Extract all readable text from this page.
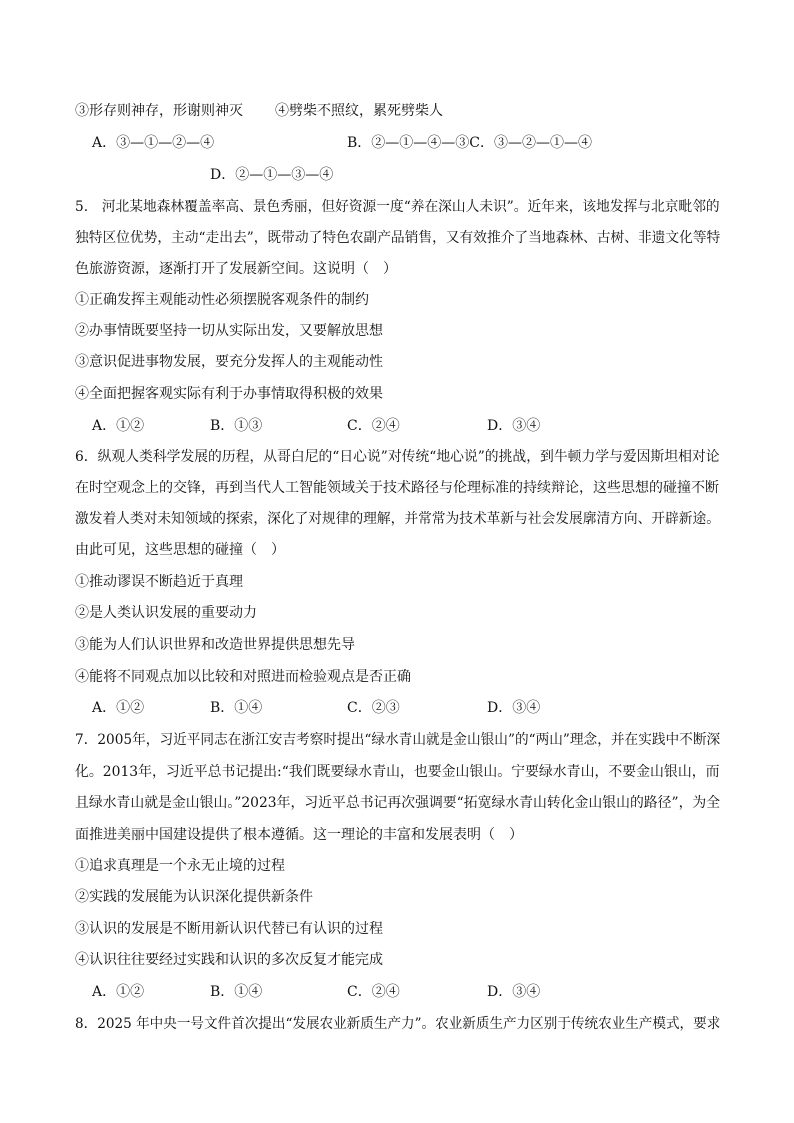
③形存则神存，形谢则神灭 ④劈柴不照纹，累死劈柴人
A．③—①—②—④	B．②—①—④—③C．③—②—①—④
D．②—①—③—④
5.　河北某地森林覆盖率高、景色秀丽，但好资源一度“养在深山人未识”。近年来，该地发挥与北京毗邻的
独特区位优势，主动“走出去”，既带动了特色农副产品销售，又有效推介了当地森林、古树、非遗文化等特
色旅游资源，逐渐打开了发展新空间。这说明（　）
①正确发挥主观能动性必须摆脱客观条件的制约
②办事情既要坚持一切从实际出发，又要解放思想
③意识促进事物发展，要充分发挥人的主观能动性
④全面把握客观实际有利于办事情取得积极的效果
A．①②	B．①③	C．②④	D．③④
6．纵观人类科学发展的历程，从哥白尼的“日心说”对传统“地心说”的挑战，到牛顿力学与爱因斯坦相对论
在时空观念上的交锋，再到当代人工智能领域关于技术路径与伦理标准的持续辩论，这些思想的碰撞不断
激发着人类对未知领域的探索，深化了对规律的理解，并常常为技术革新与社会发展廓清方向、开辟新途。
由此可见，这些思想的碰撞（　）
①推动谬误不断趋近于真理
②是人类认识发展的重要动力
③能为人们认识世界和改造世界提供思想先导
④能将不同观点加以比较和对照进而检验观点是否正确
A．①②	B．①④	C．②③	D．③④
7．2005年，习近平同志在浙江安吉考察时提出“绿水青山就是金山银山”的“两山”理念，并在实践中不断深
化。2013年，习近平总书记提出:“我们既要绿水青山，也要金山银山。宁要绿水青山，不要金山银山，而
且绿水青山就是金山银山。”2023年，习近平总书记再次强调要“拓宽绿水青山转化金山银山的路径”，为全
面推进美丽中国建设提供了根本遵循。这一理论的丰富和发展表明（　）
①追求真理是一个永无止境的过程
②实践的发展能为认识深化提供新条件
③认识的发展是不断用新认识代替已有认识的过程
④认识往往要经过实践和认识的多次反复才能完成
A．①②	B．①④	C．②④	D．③④
8．2025 年中央一号文件首次提出“发展农业新质生产力”。农业新质生产力区别于传统农业生产模式，要求
